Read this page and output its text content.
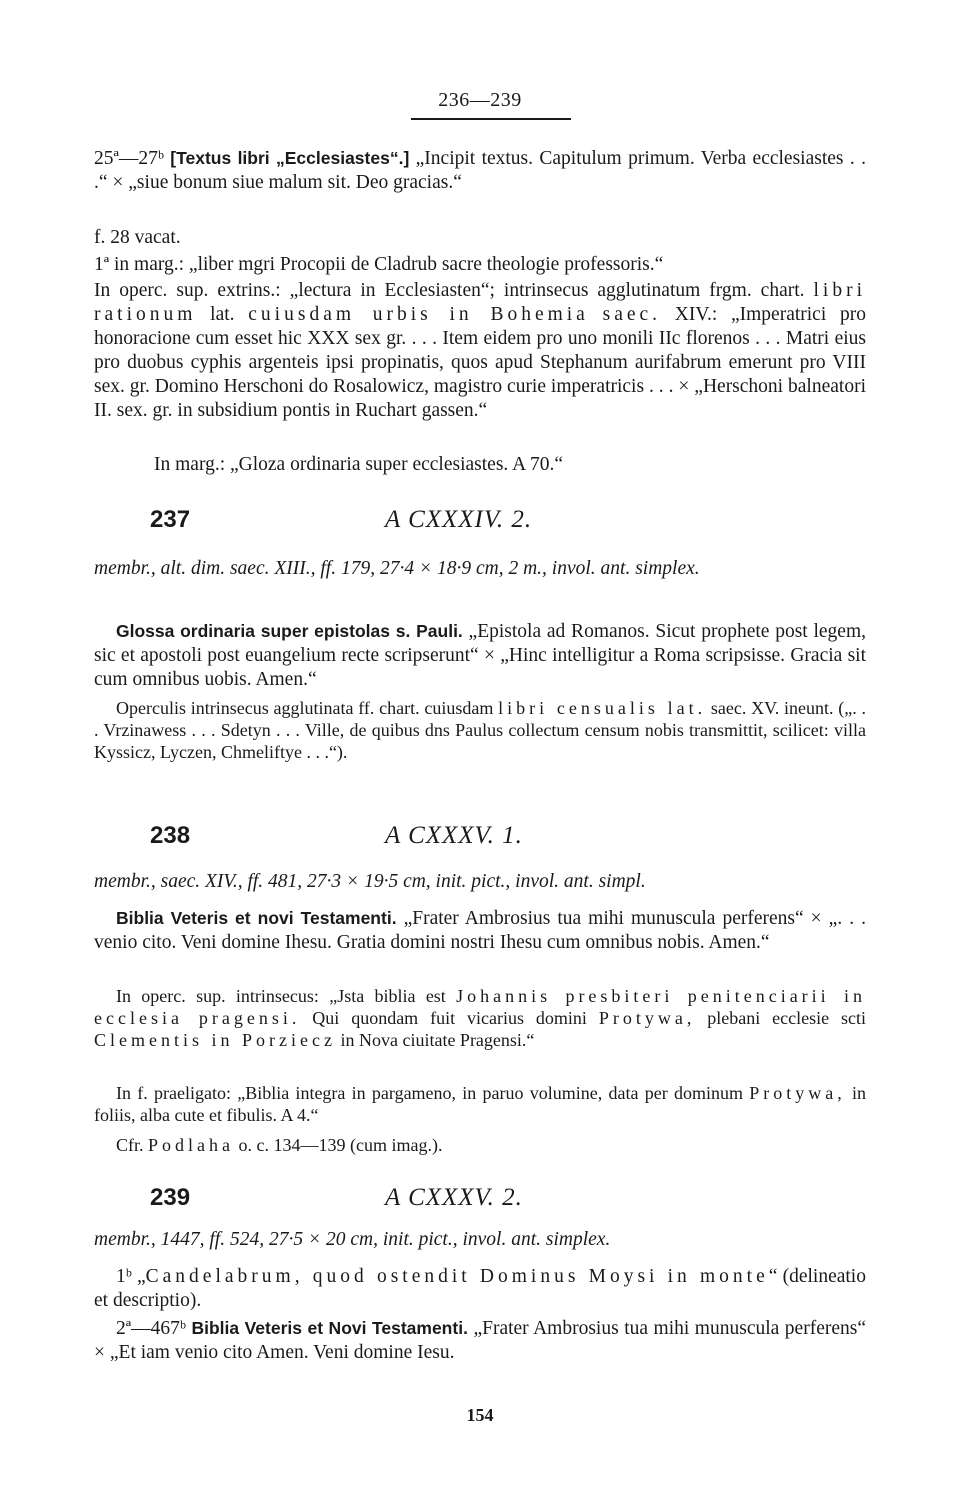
236—239
25ª—27ᵇ [Textus libri „Ecclesiastes“.] „Incipit textus. Capitulum primum. Verba ecclesiastes . . .“ × „siue bonum siue malum sit. Deo gracias.“
f. 28 vacat.
1ª in marg.: „liber mgri Procopii de Cladrub sacre theologie professoris.“
In operc. sup. extrins.: „lectura in Ecclesiasten“; intrinsecus agglutinatum frgm. chart. libri rationum lat. cuiusdam urbis in Bohemia saec. XIV.: „Imperatrici pro honoracione cum esset hic XXX sex gr. . . . Item eidem pro uno monili IIc florenos . . . Matri eius pro duobus cyphis argenteis ipsi propinatis, quos apud Stephanum aurifabrum emerunt pro VIII sex. gr. Domino Herschoni do Rosalowicz, magistro curie imperatricis . . . × „Herschoni balneatori II. sex. gr. in subsidium pontis in Ruchart gassen.“
In marg.: „Gloza ordinaria super ecclesiastes. A 70.“
237	A CXXXIV. 2.
membr., alt. dim. saec. XIII., ff. 179, 27·4 × 18·9 cm, 2 m., invol. ant. simplex.
Glossa ordinaria super epistolas s. Pauli. „Epistola ad Romanos. Sicut prophete post legem, sic et apostoli post euangelium recte scripserunt“ × „Hinc intelligitur a Roma scripsisse. Gracia sit cum omnibus uobis. Amen.“
Operculis intrinsecus agglutinata ff. chart. cuiusdam libri censualis lat. saec. XV. ineunt. („. . . Vrzinawess . . . Sdetyn . . . Ville, de quibus dns Paulus collectum censum nobis transmittit, scilicet: villa Kyssicz, Lyczen, Chmeliftye . . .“).
238	A CXXXV. 1.
membr., saec. XIV., ff. 481, 27·3 × 19·5 cm, init. pict., invol. ant. simpl.
Biblia Veteris et novi Testamenti. „Frater Ambrosius tua mihi munuscula perferens“ × „. . . venio cito. Veni domine Ihesu. Gratia domini nostri Ihesu cum omnibus nobis. Amen.“
In operc. sup. intrinsecus: „Jsta biblia est Johannis presbiteri penitenciarii in ecclesia pragensi. Qui quondam fuit vicarius domini Protywa, plebani ecclesie scti Clementis in Porziecz in Nova ciuitate Pragensi.“
In f. praeligato: „Biblia integra in pargameno, in paruo volumine, data per dominum Protywa, in foliis, alba cute et fibulis. A 4.“
Cfr. Podlaha o. c. 134—139 (cum imag.).
239	A CXXXV. 2.
membr., 1447, ff. 524, 27·5 × 20 cm, init. pict., invol. ant. simplex.
1ᵇ „Candelabrum, quod ostendit Dominus Moysi in monte“ (delineatio et descriptio).
2ª—467ᵇ Biblia Veteris et Novi Testamenti. „Frater Ambrosius tua mihi munuscula perferens“ × „Et iam venio cito Amen. Veni domine Iesu.
154
